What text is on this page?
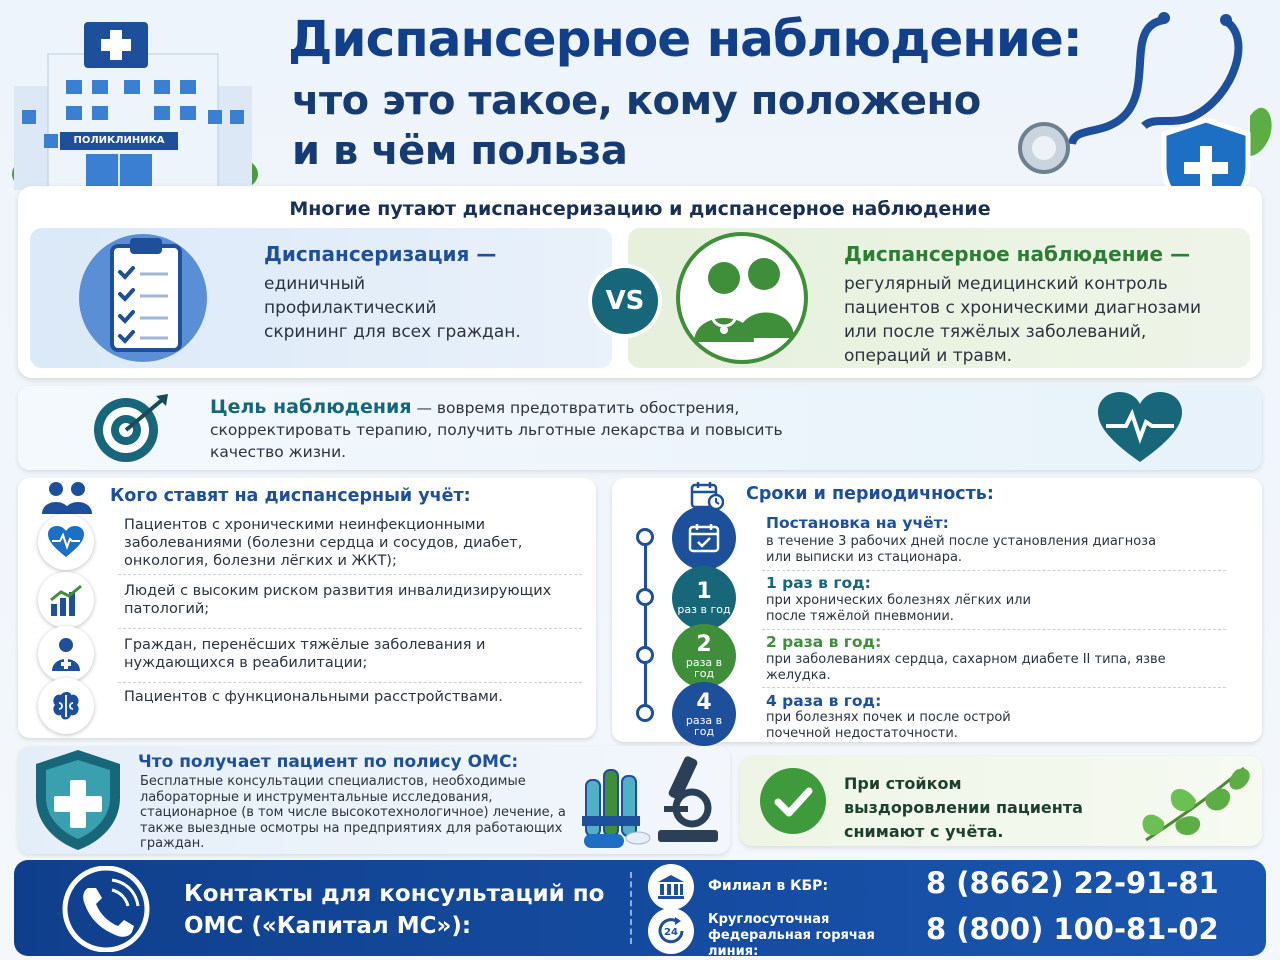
ПОЛИКЛИНИКА
Диспансерное наблюдение:
что это такое, кому положено
и в чём польза
Многие путают диспансеризацию и диспансерное наблюдение
Диспансеризация —
единичный профилактический скрининг для всех граждан.
Диспансерное наблюдение —
регулярный медицинский контроль пациентов с хроническими диагнозами или после тяжёлых заболеваний, операций и травм.
VS
Цель наблюдения — вовремя предотвратить обострения, скорректировать терапию, получить льготные лекарства и повысить качество жизни.
Кого ставят на диспансерный учёт:
Пациентов с хроническими неинфекционными заболеваниями (болезни сердца и сосудов, диабет, онкология, болезни лёгких и ЖКТ);
Людей с высоким риском развития инвалидизирующих патологий;
Граждан, перенёсших тяжёлые заболевания и нуждающихся в реабилитации;
Пациентов с функциональными расстройствами.
Сроки и периодичность:
Постановка на учёт:
в течение 3 рабочих дней после установления диагноза или выписки из стационара.
1
раз в год
1 раз в год:
при хронических болезнях лёгких или после тяжёлой пневмонии.
2
раза в год
2 раза в год:
при заболеваниях сердца, сахарном диабете II типа, язве желудка.
4
раза в год
4 раза в год:
при болезнях почек и после острой почечной недостаточности.
Что получает пациент по полису ОМС:
Бесплатные консультации специалистов, необходимые лабораторные и инструментальные исследования, стационарное (в том числе высокотехнологичное) лечение, а также выездные осмотры на предприятиях для работающих граждан.
При стойком выздоровлении пациента снимают с учёта.
Контакты для консультаций по ОМС («Капитал МС»):
Филиал в КБР:	8 (8662) 22-91-81
24
Круглосуточная федеральная горячая линия:
8 (800) 100-81-02
